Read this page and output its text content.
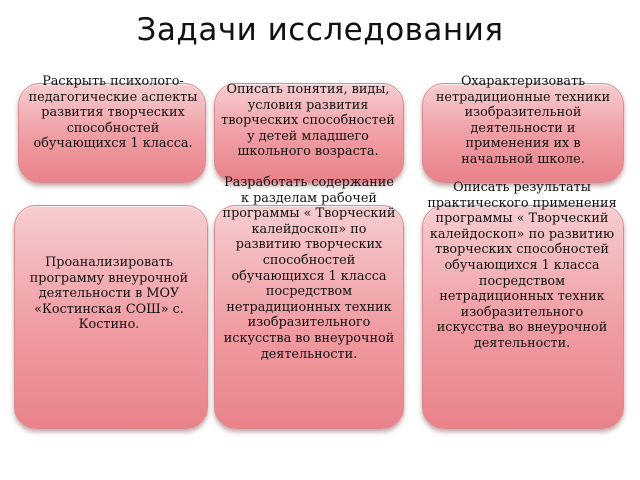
Задачи исследования
Раскрыть психолого-педагогические аспекты развития творческих способностей обучающихся 1 класса.
Описать понятия, виды, условия развития творческих способностей у детей младшего школьного возраста.
Охарактеризовать нетрадиционные техники изобразительной деятельности и применения их в начальной школе.
Проанализировать программу внеурочной деятельности в МОУ «Костинская СОШ» с. Костино.
Разработать содержание к разделам рабочей программы « Творческий калейдоскоп» по развитию творческих способностей обучающихся 1 класса посредством нетрадиционных техник изобразительного искусства во внеурочной деятельности.
Описать результаты практического применения программы « Творческий калейдоскоп» по развитию творческих способностей обучающихся 1 класса посредством нетрадиционных техник изобразительного искусства во внеурочной деятельности.
